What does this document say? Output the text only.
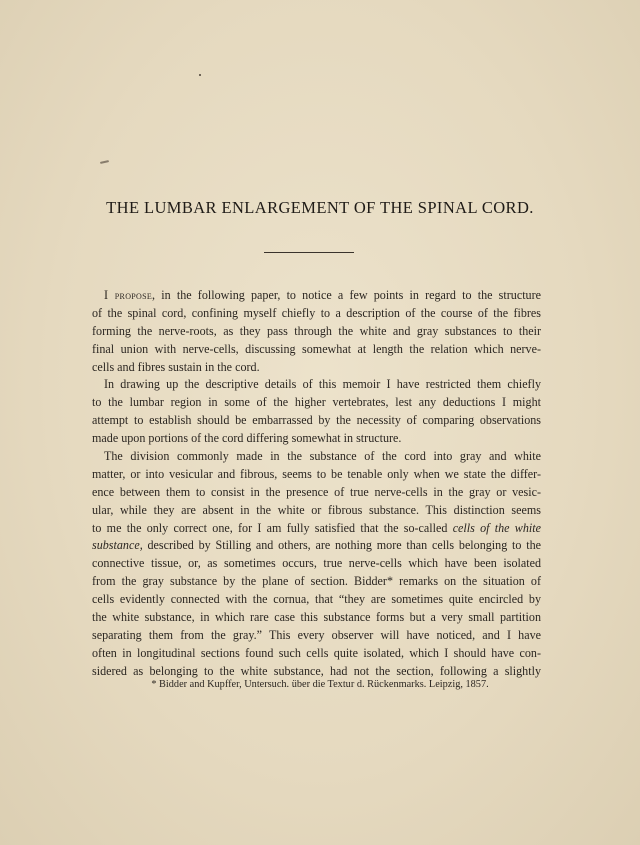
THE LUMBAR ENLARGEMENT OF THE SPINAL CORD.
I propose, in the following paper, to notice a few points in regard to the structure
of the spinal cord, confining myself chiefly to a description of the course of the fibres
forming the nerve-roots, as they pass through the white and gray substances to their
final union with nerve-cells, discussing somewhat at length the relation which nerve-
cells and fibres sustain in the cord.
In drawing up the descriptive details of this memoir I have restricted them chiefly
to the lumbar region in some of the higher vertebrates, lest any deductions I might
attempt to establish should be embarrassed by the necessity of comparing observations
made upon portions of the cord differing somewhat in structure.
The division commonly made in the substance of the cord into gray and white
matter, or into vesicular and fibrous, seems to be tenable only when we state the differ-
ence between them to consist in the presence of true nerve-cells in the gray or vesic-
ular, while they are absent in the white or fibrous substance. This distinction seems
to me the only correct one, for I am fully satisfied that the so-called cells of the white
substance, described by Stilling and others, are nothing more than cells belonging to the
connective tissue, or, as sometimes occurs, true nerve-cells which have been isolated
from the gray substance by the plane of section. Bidder* remarks on the situation of
cells evidently connected with the cornua, that “they are sometimes quite encircled by
the white substance, in which rare case this substance forms but a very small partition
separating them from the gray.” This every observer will have noticed, and I have
often in longitudinal sections found such cells quite isolated, which I should have con-
sidered as belonging to the white substance, had not the section, following a slightly
* Bidder and Kupffer, Untersuch. über die Textur d. Rückenmarks. Leipzig, 1857.
